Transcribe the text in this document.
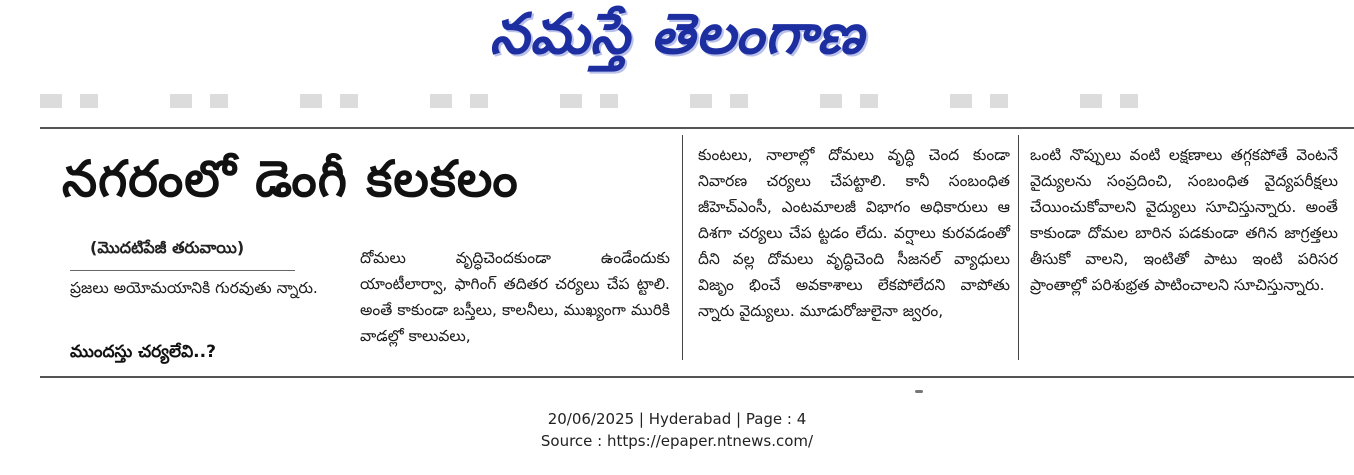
నమస్తే తెలంగాణ
నగరంలో డెంగీ కలకలం
(మొదటిపేజీ తరువాయి)
ప్రజలు అయోమయానికి గురవుతు న్నారు.
ముందస్తు చర్యలేవి..?
దోమలు వృద్ధిచెందకుండా ఉండేందుకు యాంటీలార్వా, ఫాగింగ్ తదితర చర్యలు చేప ట్టాలి. అంతే కాకుండా బస్తీలు, కాలనీలు, ముఖ్యంగా మురికి వాడల్లో కాలువలు,
కుంటలు, నాలాల్లో దోమలు వృద్ధి చెంద కుండా నివారణ చర్యలు చేపట్టాలి. కానీ సంబంధిత జీహెచ్ఎంసీ, ఎంటమాలజీ విభాగం అధికారులు ఆ దిశగా చర్యలు చేప ట్టడం లేదు. వర్షాలు కురవడంతో దీని వల్ల దోమలు వృద్ధిచెంది సీజనల్ వ్యాధులు విజృం భించే అవకాశాలు లేకపోలేదని వాపోతు న్నారు వైద్యులు. మూడురోజులైనా జ్వరం,
ఒంటి నొప్పులు వంటి లక్షణాలు తగ్గకపోతే వెంటనే వైద్యులను సంప్రదించి, సంబంధిత వైద్యపరీక్షలు చేయించుకోవాలని వైద్యులు సూచిస్తున్నారు. అంతే కాకుండా దోమల బారిన పడకుండా తగిన జాగ్రత్తలు తీసుకో వాలని, ఇంటితో పాటు ఇంటి పరిసర ప్రాంతాల్లో పరిశుభ్రత పాటించాలని సూచిస్తున్నారు.
20/06/2025 | Hyderabad | Page : 4
Source : https://epaper.ntnews.com/
